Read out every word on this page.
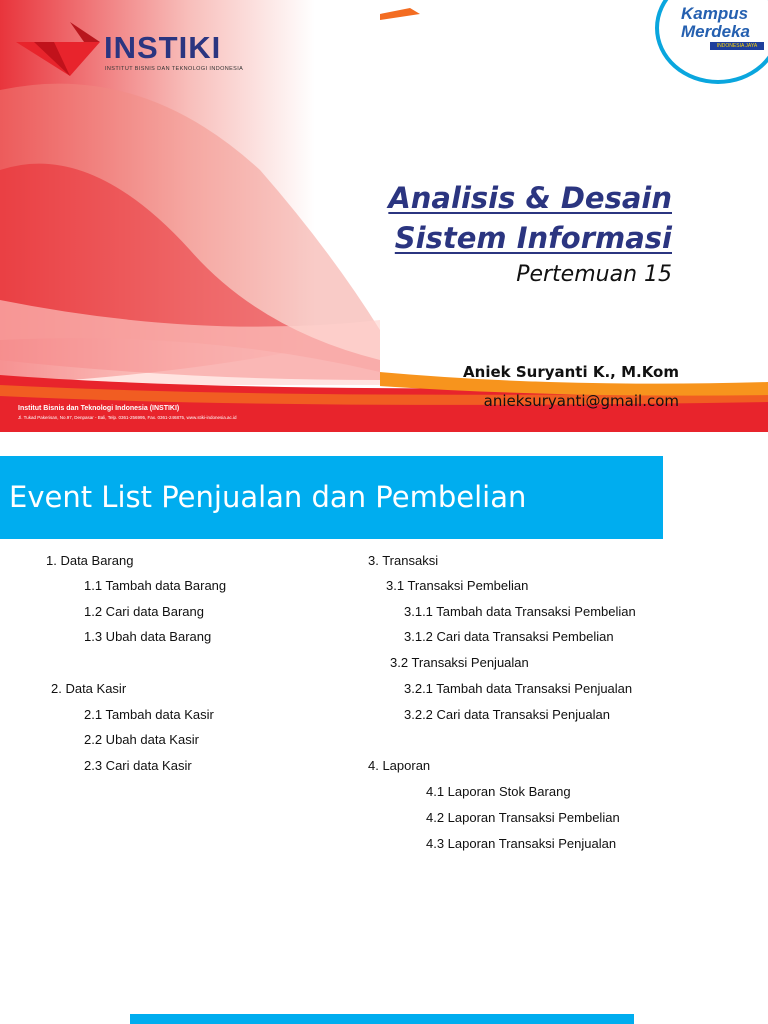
INSTIKI
INSTITUT BISNIS DAN TEKNOLOGI INDONESIA
Kampus
Merdeka
INDONESIA JAYA
Analisis & Desain
Sistem Informasi
Pertemuan 15
Aniek Suryanti K., M.Kom
anieksuryanti@gmail.com
Institut Bisnis dan Teknologi Indonesia (INSTIKI)
Jl. Tukad Pakerisan, No.97, Denpasar - Bali, Telp. 0361-256995, Fax. 0361-246875, www.stiki-indonesia.ac.id
Event List Penjualan dan Pembelian
1. Data Barang
1.1 Tambah data Barang
1.2 Cari data Barang
1.3 Ubah data Barang
2. Data Kasir
2.1 Tambah data Kasir
2.2 Ubah data Kasir
2.3 Cari data Kasir
3. Transaksi
3.1 Transaksi Pembelian
3.1.1 Tambah data Transaksi Pembelian
3.1.2 Cari data Transaksi Pembelian
3.2 Transaksi Penjualan
3.2.1 Tambah data Transaksi Penjualan
3.2.2 Cari data Transaksi Penjualan
4. Laporan
4.1 Laporan Stok Barang
4.2 Laporan Transaksi Pembelian
4.3 Laporan Transaksi Penjualan
